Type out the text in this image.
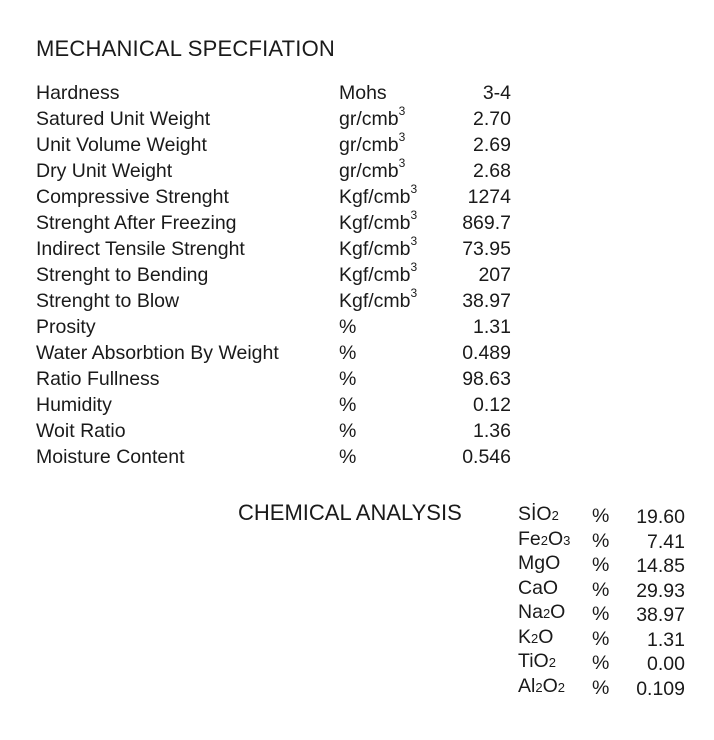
MECHANICAL SPECFIATION
Hardness	Mohs	3-4
Satured Unit Weight	gr/cmb$^3$	2.70
Unit Volume Weight	gr/cmb$^3$	2.69
Dry Unit Weight	gr/cmb$^3$	2.68
Compressive Strenght	Kgf/cmb$^3$	1274
Strenght After Freezing	Kgf/cmb$^3$	869.7
Indirect Tensile Strenght	Kgf/cmb$^3$	73.95
Strenght to Bending	Kgf/cmb$^3$	207
Strenght to Blow	Kgf/cmb$^3$	38.97
Prosity	%	1.31
Water Absorbtion By Weight	%	0.489
Ratio Fullness	%	98.63
Humidity	%	0.12
Woit Ratio	%	1.36
Moisture Content	%	0.546
CHEMICAL ANALYSIS	SİO2 % 19.60
Fe2O3 % 7.41
MgO % 14.85
CaO % 29.93
Na2O % 38.97
K2O % 1.31
TiO2 % 0.00
Al2O2 % 0.109
